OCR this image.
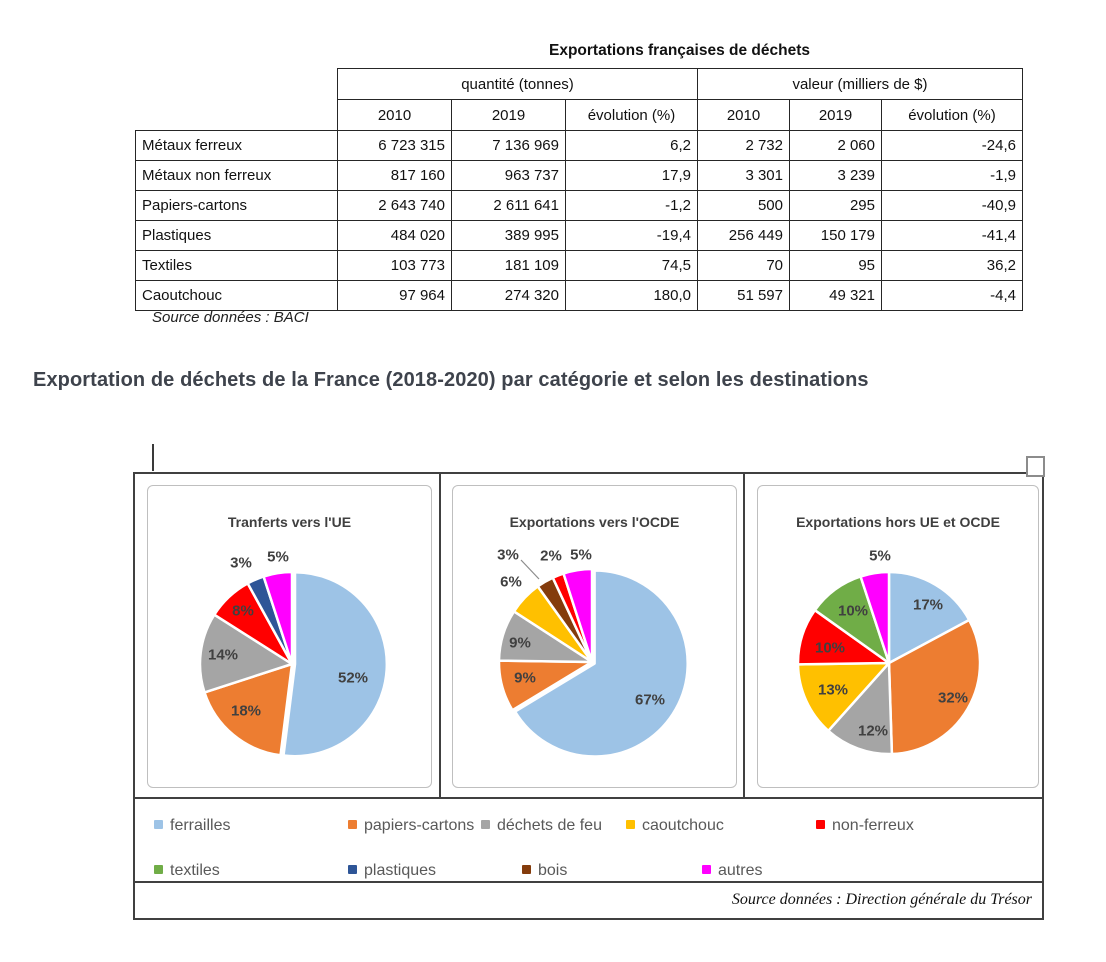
Exportations françaises de déchets
	quantité (tonnes)			valeur (milliers de $)		
	2010	2019	évolution (%)	2010	2019	évolution (%)
Métaux ferreux	6 723 315	7 136 969	6,2	2 732	2 060	-24,6
Métaux non ferreux	817 160	963 737	17,9	3 301	3 239	-1,9
Papiers-cartons	2 643 740	2 611 641	-1,2	500	295	-40,9
Plastiques	484 020	389 995	-19,4	256 449	150 179	-41,4
Textiles	103 773	181 109	74,5	70	95	36,2
Caoutchouc	97 964	274 320	180,0	51 597	49 321	-4,4
Source données : BACI
Exportation de déchets de la France (2018-2020) par catégorie et selon les destinations
Tranferts vers l'UE
52%
18%
14%
8%
3% 5%
Exportations vers l'OCDE
67%
9%
9%
6%
3% 2% 5%
Exportations hors UE et OCDE
17%
32%
12%
13%
10%
10%
5%
ferrailles	papiers-cartons	déchets de feu	caoutchouc	non-ferreux
textiles	plastiques	bois	autres
Source données : Direction générale du Trésor
